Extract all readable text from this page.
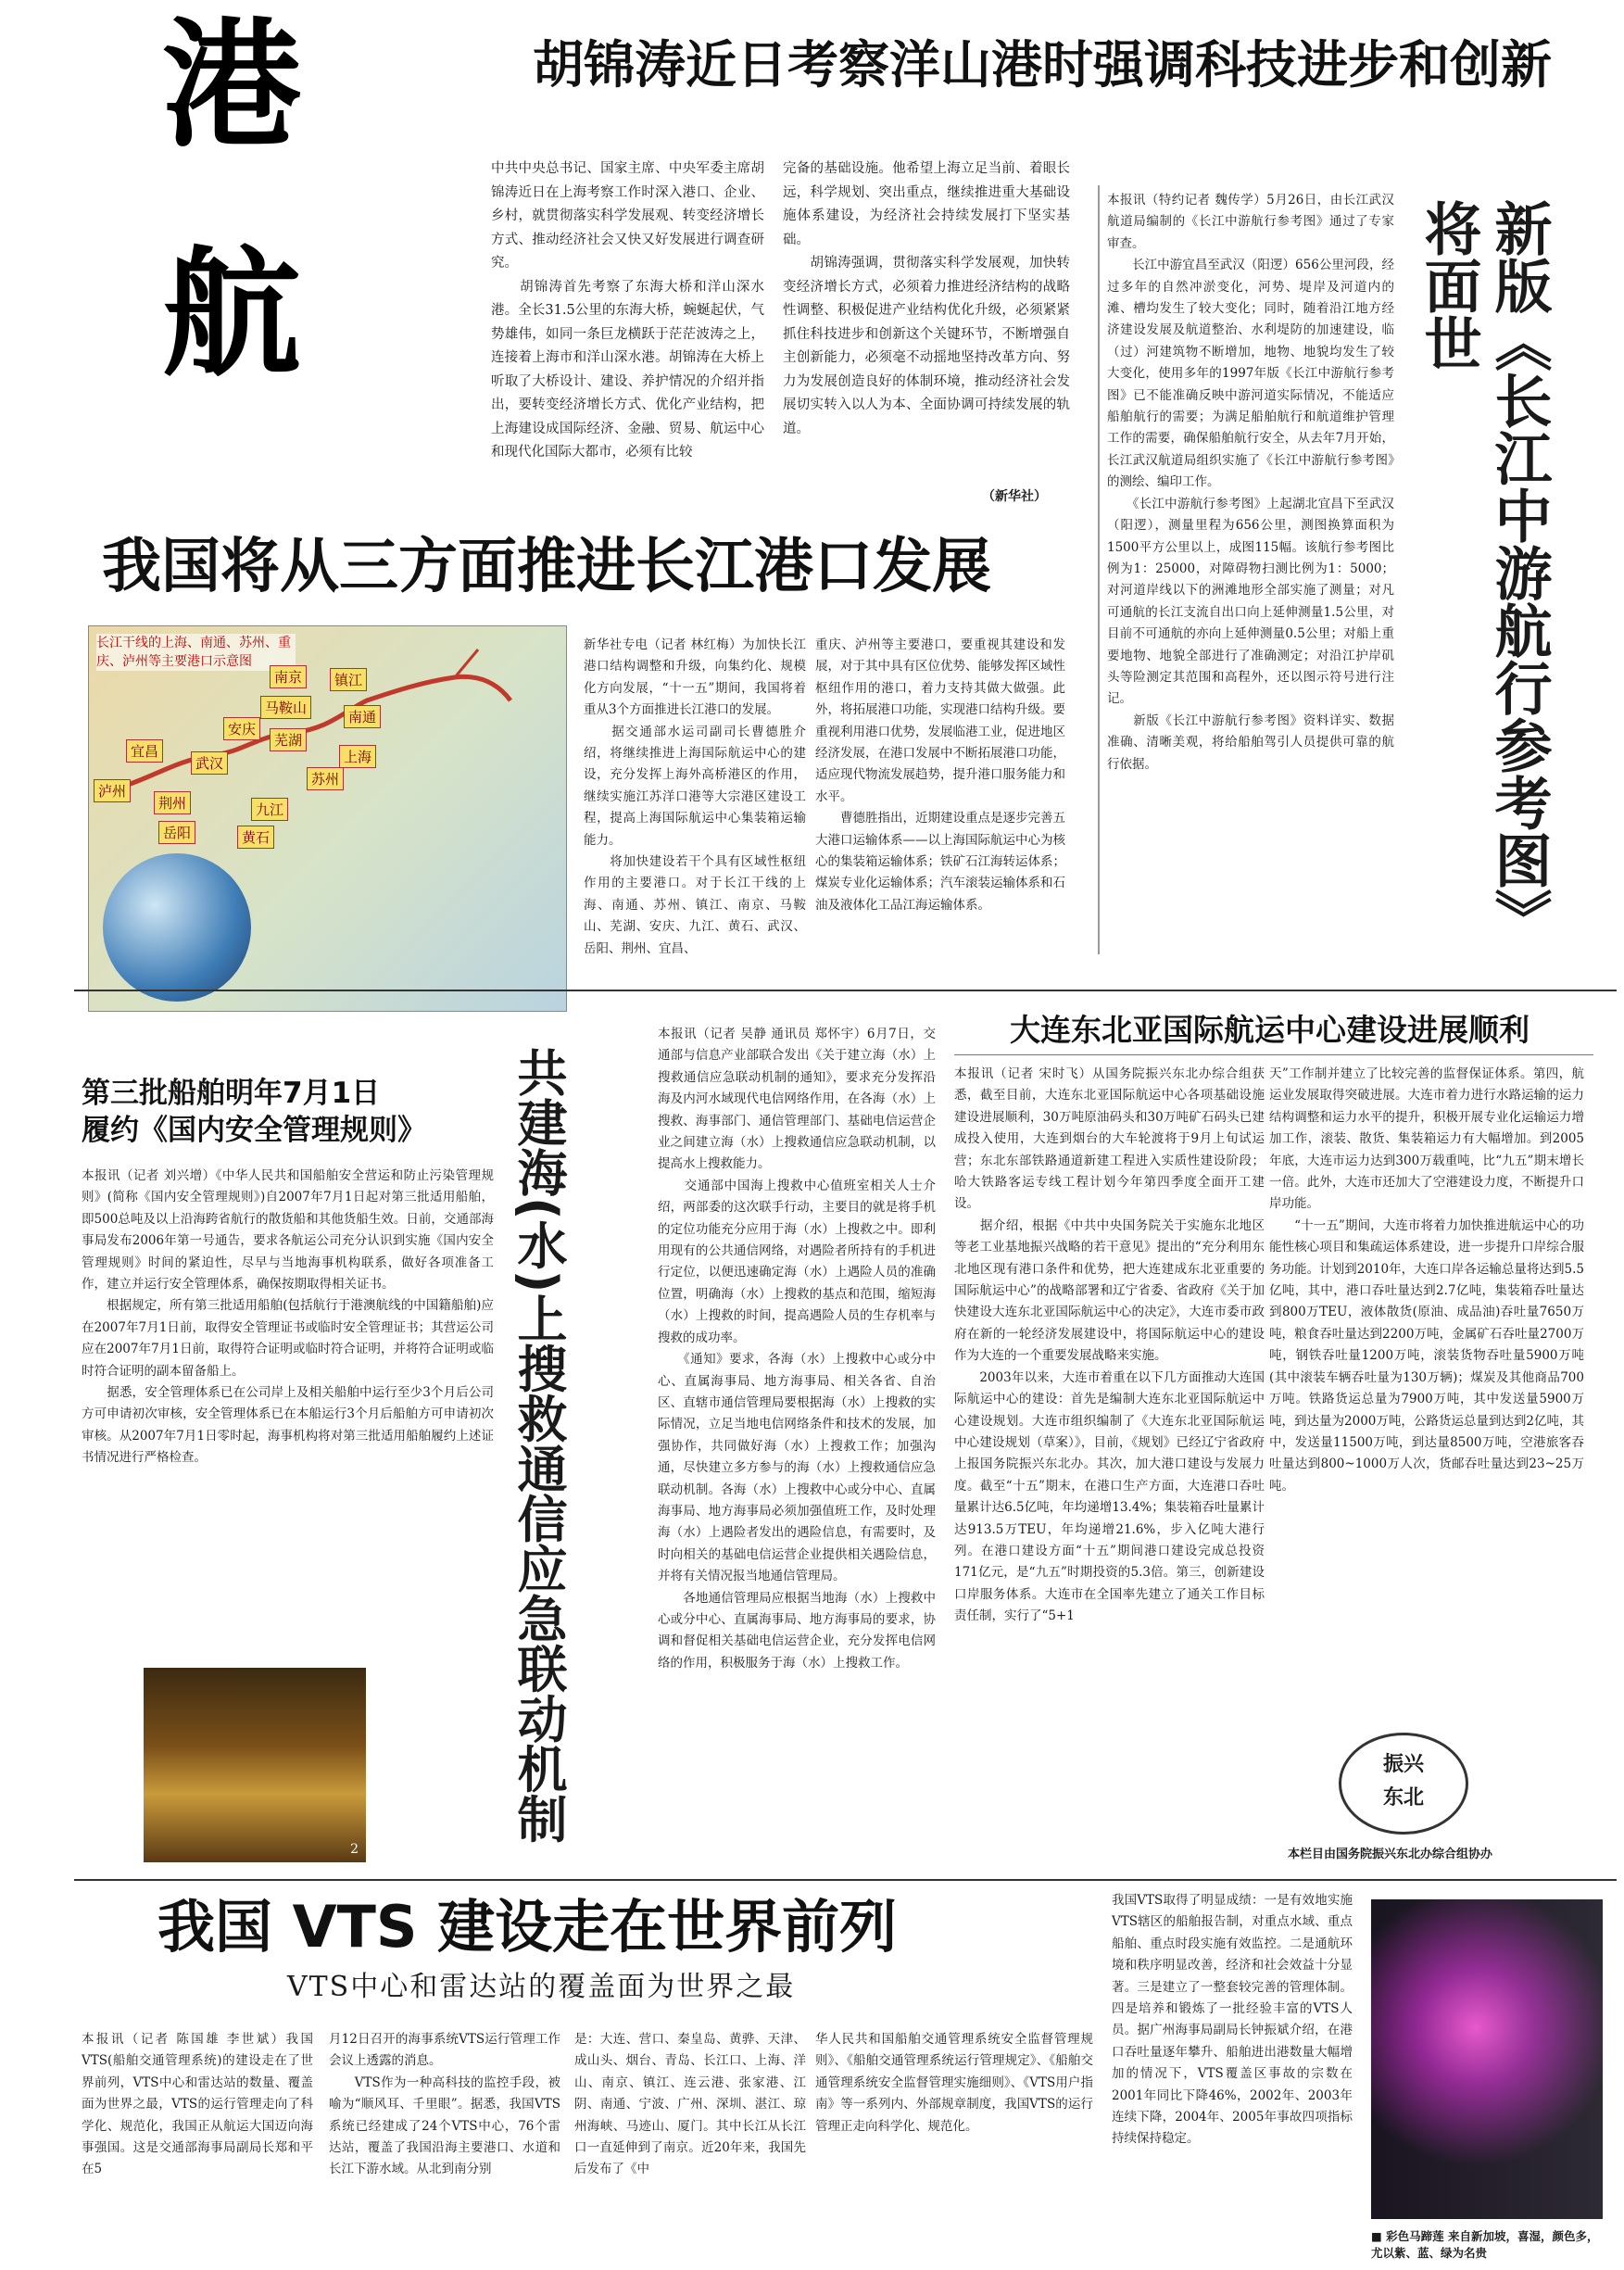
港
航
胡锦涛近日考察洋山港时强调科技进步和创新

中共中央总书记、国家主席、中央军委主席胡锦涛近日在上海考察工作时深入港口、企业、乡村，就贯彻落实科学发展观、转变经济增长方式、推动经济社会又快又好发展进行调查研究。
　　胡锦涛首先考察了东海大桥和洋山深水港。全长31.5公里的东海大桥，蜿蜒起伏，气势雄伟，如同一条巨龙横跃于茫茫波涛之上，连接着上海市和洋山深水港。胡锦涛在大桥上听取了大桥设计、建设、养护情况的介绍并指出，要转变经济增长方式、优化产业结构，把上海建设成国际经济、金融、贸易、航运中心和现代化国际大都市，必须有比较

完备的基础设施。他希望上海立足当前、着眼长远，科学规划、突出重点，继续推进重大基础设施体系建设，为经济社会持续发展打下坚实基础。
　　胡锦涛强调，贯彻落实科学发展观，加快转变经济增长方式，必须着力推进经济结构的战略性调整、积极促进产业结构优化升级，必须紧紧抓住科技进步和创新这个关键环节，不断增强自主创新能力，必须毫不动摇地坚持改革方向、努力为发展创造良好的体制环境，推动经济社会发展切实转入以人为本、全面协调可持续发展的轨道。

（新华社）
我国将从三方面推进长江港口发展
长江干线的上海、南通、苏州、重庆、泸州等主要港口示意图
南京	镇江
马鞍山
南通
安庆
芜湖
上海
宜昌
武汉
苏州
泸州
荆州
岳阳
九江
黄石

新华社专电（记者 林红梅）为加快长江港口结构调整和升级，向集约化、规模化方向发展，“十一五”期间，我国将着重从3个方面推进长江港口的发展。
　　据交通部水运司副司长曹德胜介绍，将继续推进上海国际航运中心的建设，充分发挥上海外高桥港区的作用，继续实施江苏洋口港等大宗港区建设工程，提高上海国际航运中心集装箱运输能力。
　　将加快建设若干个具有区域性枢纽作用的主要港口。对于长江干线的上海、南通、苏州、镇江、南京、马鞍山、芜湖、安庆、九江、黄石、武汉、岳阳、荆州、宜昌、

重庆、泸州等主要港口，要重视其建设和发展，对于其中具有区位优势、能够发挥区域性枢纽作用的港口，着力支持其做大做强。此外，将拓展港口功能，实现港口结构升级。要重视利用港口优势，发展临港工业，促进地区经济发展，在港口发展中不断拓展港口功能，适应现代物流发展趋势，提升港口服务能力和水平。
　　曹德胜指出，近期建设重点是逐步完善五大港口运输体系——以上海国际航运中心为核心的集装箱运输体系；铁矿石江海转运体系；煤炭专业化运输体系；汽车滚装运输体系和石油及液体化工品江海运输体系。

本报讯（特约记者 魏传学）5月26日，由长江武汉航道局编制的《长江中游航行参考图》通过了专家审查。
　　长江中游宜昌至武汉（阳逻）656公里河段，经过多年的自然冲淤变化，河势、堤岸及河道内的滩、槽均发生了较大变化；同时，随着沿江地方经济建设发展及航道整治、水利堤防的加速建设，临（过）河建筑物不断增加，地物、地貌均发生了较大变化，使用多年的1997年版《长江中游航行参考图》已不能准确反映中游河道实际情况，不能适应船舶航行的需要；为满足船舶航行和航道维护管理工作的需要，确保船舶航行安全，从去年7月开始，长江武汉航道局组织实施了《长江中游航行参考图》的测绘、编印工作。
　　《长江中游航行参考图》上起湖北宜昌下至武汉（阳逻），测量里程为656公里，测图换算面积为1500平方公里以上，成图115幅。该航行参考图比例为1：25000，对障碍物扫测比例为1：5000；对河道岸线以下的洲滩地形全部实施了测量；对凡可通航的长江支流自出口向上延伸测量1.5公里，对目前不可通航的亦向上延伸测量0.5公里；对船上重要地物、地貌全部进行了准确测定；对沿江护岸矶头等险测定其范围和高程外，还以图示符号进行注记。
　　新版《长江中游航行参考图》资料详实、数据准确、清晰美观，将给船舶驾引人员提供可靠的航行依据。	新版《长江中游航行参考图》将面世
第三批船舶明年7月1日
履约《国内安全管理规则》

本报讯（记者 刘兴增）《中华人民共和国船舶安全营运和防止污染管理规则》(简称《国内安全管理规则》)自2007年7月1日起对第三批适用船舶，即500总吨及以上沿海跨省航行的散货船和其他货船生效。日前，交通部海事局发布2006年第一号通告，要求各航运公司充分认识到实施《国内安全管理规则》时间的紧迫性，尽早与当地海事机构联系，做好各项准备工作，建立并运行安全管理体系，确保按期取得相关证书。
　　根据规定，所有第三批适用船舶(包括航行于港澳航线的中国籍船舶)应在2007年7月1日前，取得安全管理证书或临时安全管理证书；其营运公司应在2007年7月1日前，取得符合证明或临时符合证明，并将符合证明或临时符合证明的副本留备船上。
　　据悉，安全管理体系已在公司岸上及相关船舶中运行至少3个月后公司方可申请初次审核，安全管理体系已在本船运行3个月后船舶方可申请初次审核。从2007年7月1日零时起，海事机构将对第三批适用船舶履约上述证书情况进行严格检查。

2
共建海(水)上搜救通信应急联动机制

本报讯（记者 吴静 通讯员 郑怀宇）6月7日，交通部与信息产业部联合发出《关于建立海（水）上搜救通信应急联动机制的通知》，要求充分发挥沿海及内河水域现代电信网络作用，在各海（水）上搜救、海事部门、通信管理部门、基础电信运营企业之间建立海（水）上搜救通信应急联动机制，以提高水上搜救能力。
　　交通部中国海上搜救中心值班室相关人士介绍，两部委的这次联手行动，主要目的就是将手机的定位功能充分应用于海（水）上搜救之中。即利用现有的公共通信网络，对遇险者所持有的手机进行定位，以便迅速确定海（水）上遇险人员的准确位置，明确海（水）上搜救的基点和范围，缩短海（水）上搜救的时间，提高遇险人员的生存机率与搜救的成功率。
　　《通知》要求，各海（水）上搜救中心或分中心、直属海事局、地方海事局、相关各省、自治区、直辖市通信管理局要根据海（水）上搜救的实际情况，立足当地电信网络条件和技术的发展，加强协作，共同做好海（水）上搜救工作；加强沟通，尽快建立多方参与的海（水）上搜救通信应急联动机制。各海（水）上搜救中心或分中心、直属海事局、地方海事局必须加强值班工作，及时处理海（水）上遇险者发出的遇险信息，有需要时，及时向相关的基础电信运营企业提供相关遇险信息，并将有关情况报当地通信管理局。
　　各地通信管理局应根据当地海（水）上搜救中心或分中心、直属海事局、地方海事局的要求，协调和督促相关基础电信运营企业，充分发挥电信网络的作用，积极服务于海（水）上搜救工作。

大连东北亚国际航运中心建设进展顺利

本报讯（记者 宋时飞）从国务院振兴东北办综合组获悉，截至目前，大连东北亚国际航运中心各项基础设施建设进展顺利，30万吨原油码头和30万吨矿石码头已建成投入使用，大连到烟台的大车轮渡将于9月上旬试运营；东北东部铁路通道新建工程进入实质性建设阶段；哈大铁路客运专线工程计划今年第四季度全面开工建设。
　　据介绍，根据《中共中央国务院关于实施东北地区等老工业基地振兴战略的若干意见》提出的“充分利用东北地区现有港口条件和优势，把大连建成东北亚重要的国际航运中心”的战略部署和辽宁省委、省政府《关于加快建设大连东北亚国际航运中心的决定》，大连市委市政府在新的一轮经济发展建设中，将国际航运中心的建设作为大连的一个重要发展战略来实施。
　　2003年以来，大连市着重在以下几方面推动大连国际航运中心的建设：首先是编制大连东北亚国际航运中心建设规划。大连市组织编制了《大连东北亚国际航运中心建设规划（草案）》，目前，《规划》已经辽宁省政府上报国务院振兴东北办。其次，加大港口建设与发展力度。截至“十五”期末，在港口生产方面，大连港口吞吐量累计达6.5亿吨，年均递增13.4%；集装箱吞吐量累计达913.5万TEU，年均递增21.6%，步入亿吨大港行列。在港口建设方面“十五”期间港口建设完成总投资171亿元，是“九五”时期投资的5.3倍。第三，创新建设口岸服务体系。大连市在全国率先建立了通关工作目标责任制，实行了“5+1

天”工作制并建立了比较完善的监督保证体系。第四，航运业发展取得突破进展。大连市着力进行水路运输的运力结构调整和运力水平的提升，积极开展专业化运输运力增加工作，滚装、散货、集装箱运力有大幅增加。到2005年底，大连市运力达到300万载重吨，比“九五”期末增长一倍。此外，大连市还加大了空港建设力度，不断提升口岸功能。
　　“十一五”期间，大连市将着力加快推进航运中心的功能性核心项目和集疏运体系建设，进一步提升口岸综合服务功能。计划到2010年，大连口岸各运输总量将达到5.5亿吨，其中，港口吞吐量达到2.7亿吨，集装箱吞吐量达到800万TEU，液体散货(原油、成品油)吞吐量7650万吨，粮食吞吐量达到2200万吨，金属矿石吞吐量2700万吨，钢铁吞吐量1200万吨，滚装货物吞吐量5900万吨(其中滚装车辆吞吐量为130万辆)；煤炭及其他商品700万吨。铁路货运总量为7900万吨，其中发送量5900万吨，到达量为2000万吨，公路货运总量到达到2亿吨，其中，发送量11500万吨，到达量8500万吨，空港旅客吞吐量达到800~1000万人次，货邮吞吐量达到23~25万吨。

振兴
东北
本栏目由国务院振兴东北办综合组协办
我国 VTS 建设走在世界前列
VTS中心和雷达站的覆盖面为世界之最

本报讯（记者 陈国雄 李世斌）我国VTS(船舶交通管理系统)的建设走在了世界前列，VTS中心和雷达站的数量、覆盖面为世界之最，VTS的运行管理走向了科学化、规范化，我国正从航运大国迈向海事强国。这是交通部海事局副局长郑和平在5

月12日召开的海事系统VTS运行管理工作会议上透露的消息。
　　VTS作为一种高科技的监控手段，被喻为“顺风耳、千里眼”。据悉，我国VTS系统已经建成了24个VTS中心，76个雷达站，覆盖了我国沿海主要港口、水道和长江下游水域。从北到南分别

是：大连、营口、秦皇岛、黄骅、天津、成山头、烟台、青岛、长江口、上海、洋山、南京、镇江、连云港、张家港、江阴、南通、宁波、广州、深圳、湛江、琼州海峡、马迹山、厦门。其中长江从长江口一直延伸到了南京。近20年来，我国先后发布了《中

华人民共和国船舶交通管理系统安全监督管理规则》、《船舶交通管理系统运行管理规定》、《船舶交通管理系统安全监督管理实施细则》、《VTS用户指南》等一系列内、外部规章制度，我国VTS的运行管理正走向科学化、规范化。

我国VTS取得了明显成绩：一是有效地实施VTS辖区的船舶报告制，对重点水域、重点船舶、重点时段实施有效监控。二是通航环境和秩序明显改善，经济和社会效益十分显著。三是建立了一整套较完善的管理体制。四是培养和锻炼了一批经验丰富的VTS人员。据广州海事局副局长钟振斌介绍，在港口吞吐量逐年攀升、船舶进出港数量大幅增加的情况下，VTS覆盖区事故的宗数在2001年同比下降46%，2002年、2003年连续下降，2004年、2005年事故四项指标持续保持稳定。

■ 彩色马蹄莲 来自新加坡，喜湿，颜色多，尤以紫、蓝、绿为名贵
